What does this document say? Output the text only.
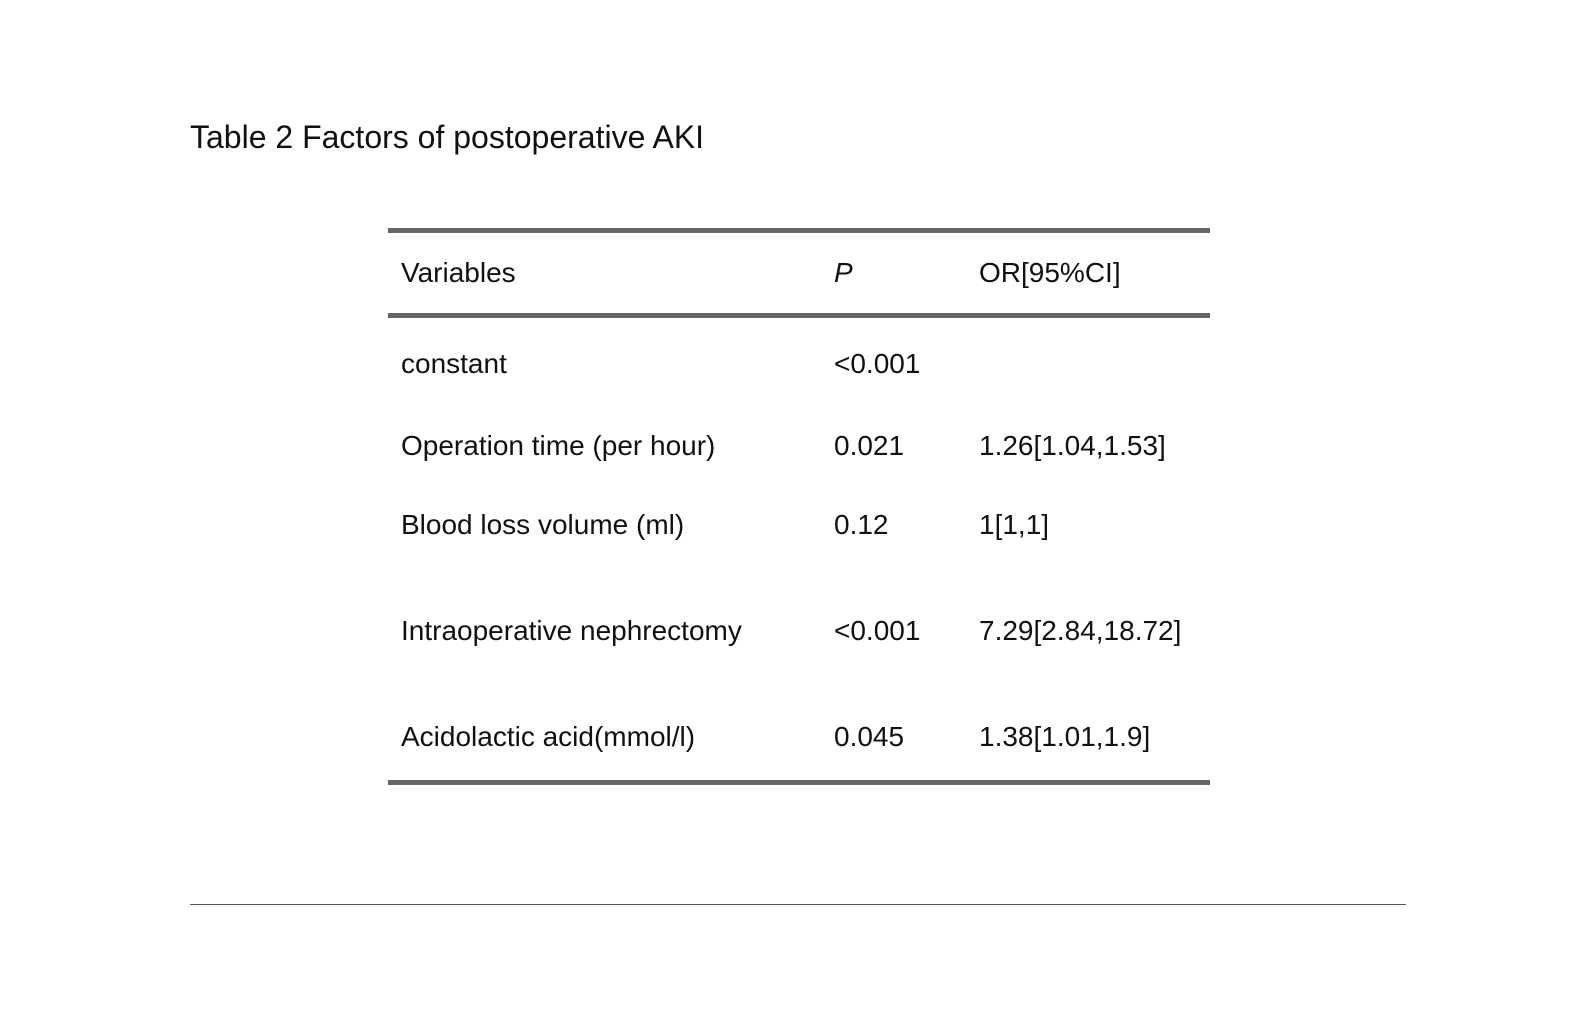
Table 2 Factors of postoperative AKI
Variables	P	OR[95%CI]
constant	<0.001	
Operation time (per hour)	0.021	1.26[1.04,1.53]
Blood loss volume (ml)	0.12	1[1,1]
Intraoperative nephrectomy	<0.001	7.29[2.84,18.72]
Acidolactic acid(mmol/l)	0.045	1.38[1.01,1.9]
